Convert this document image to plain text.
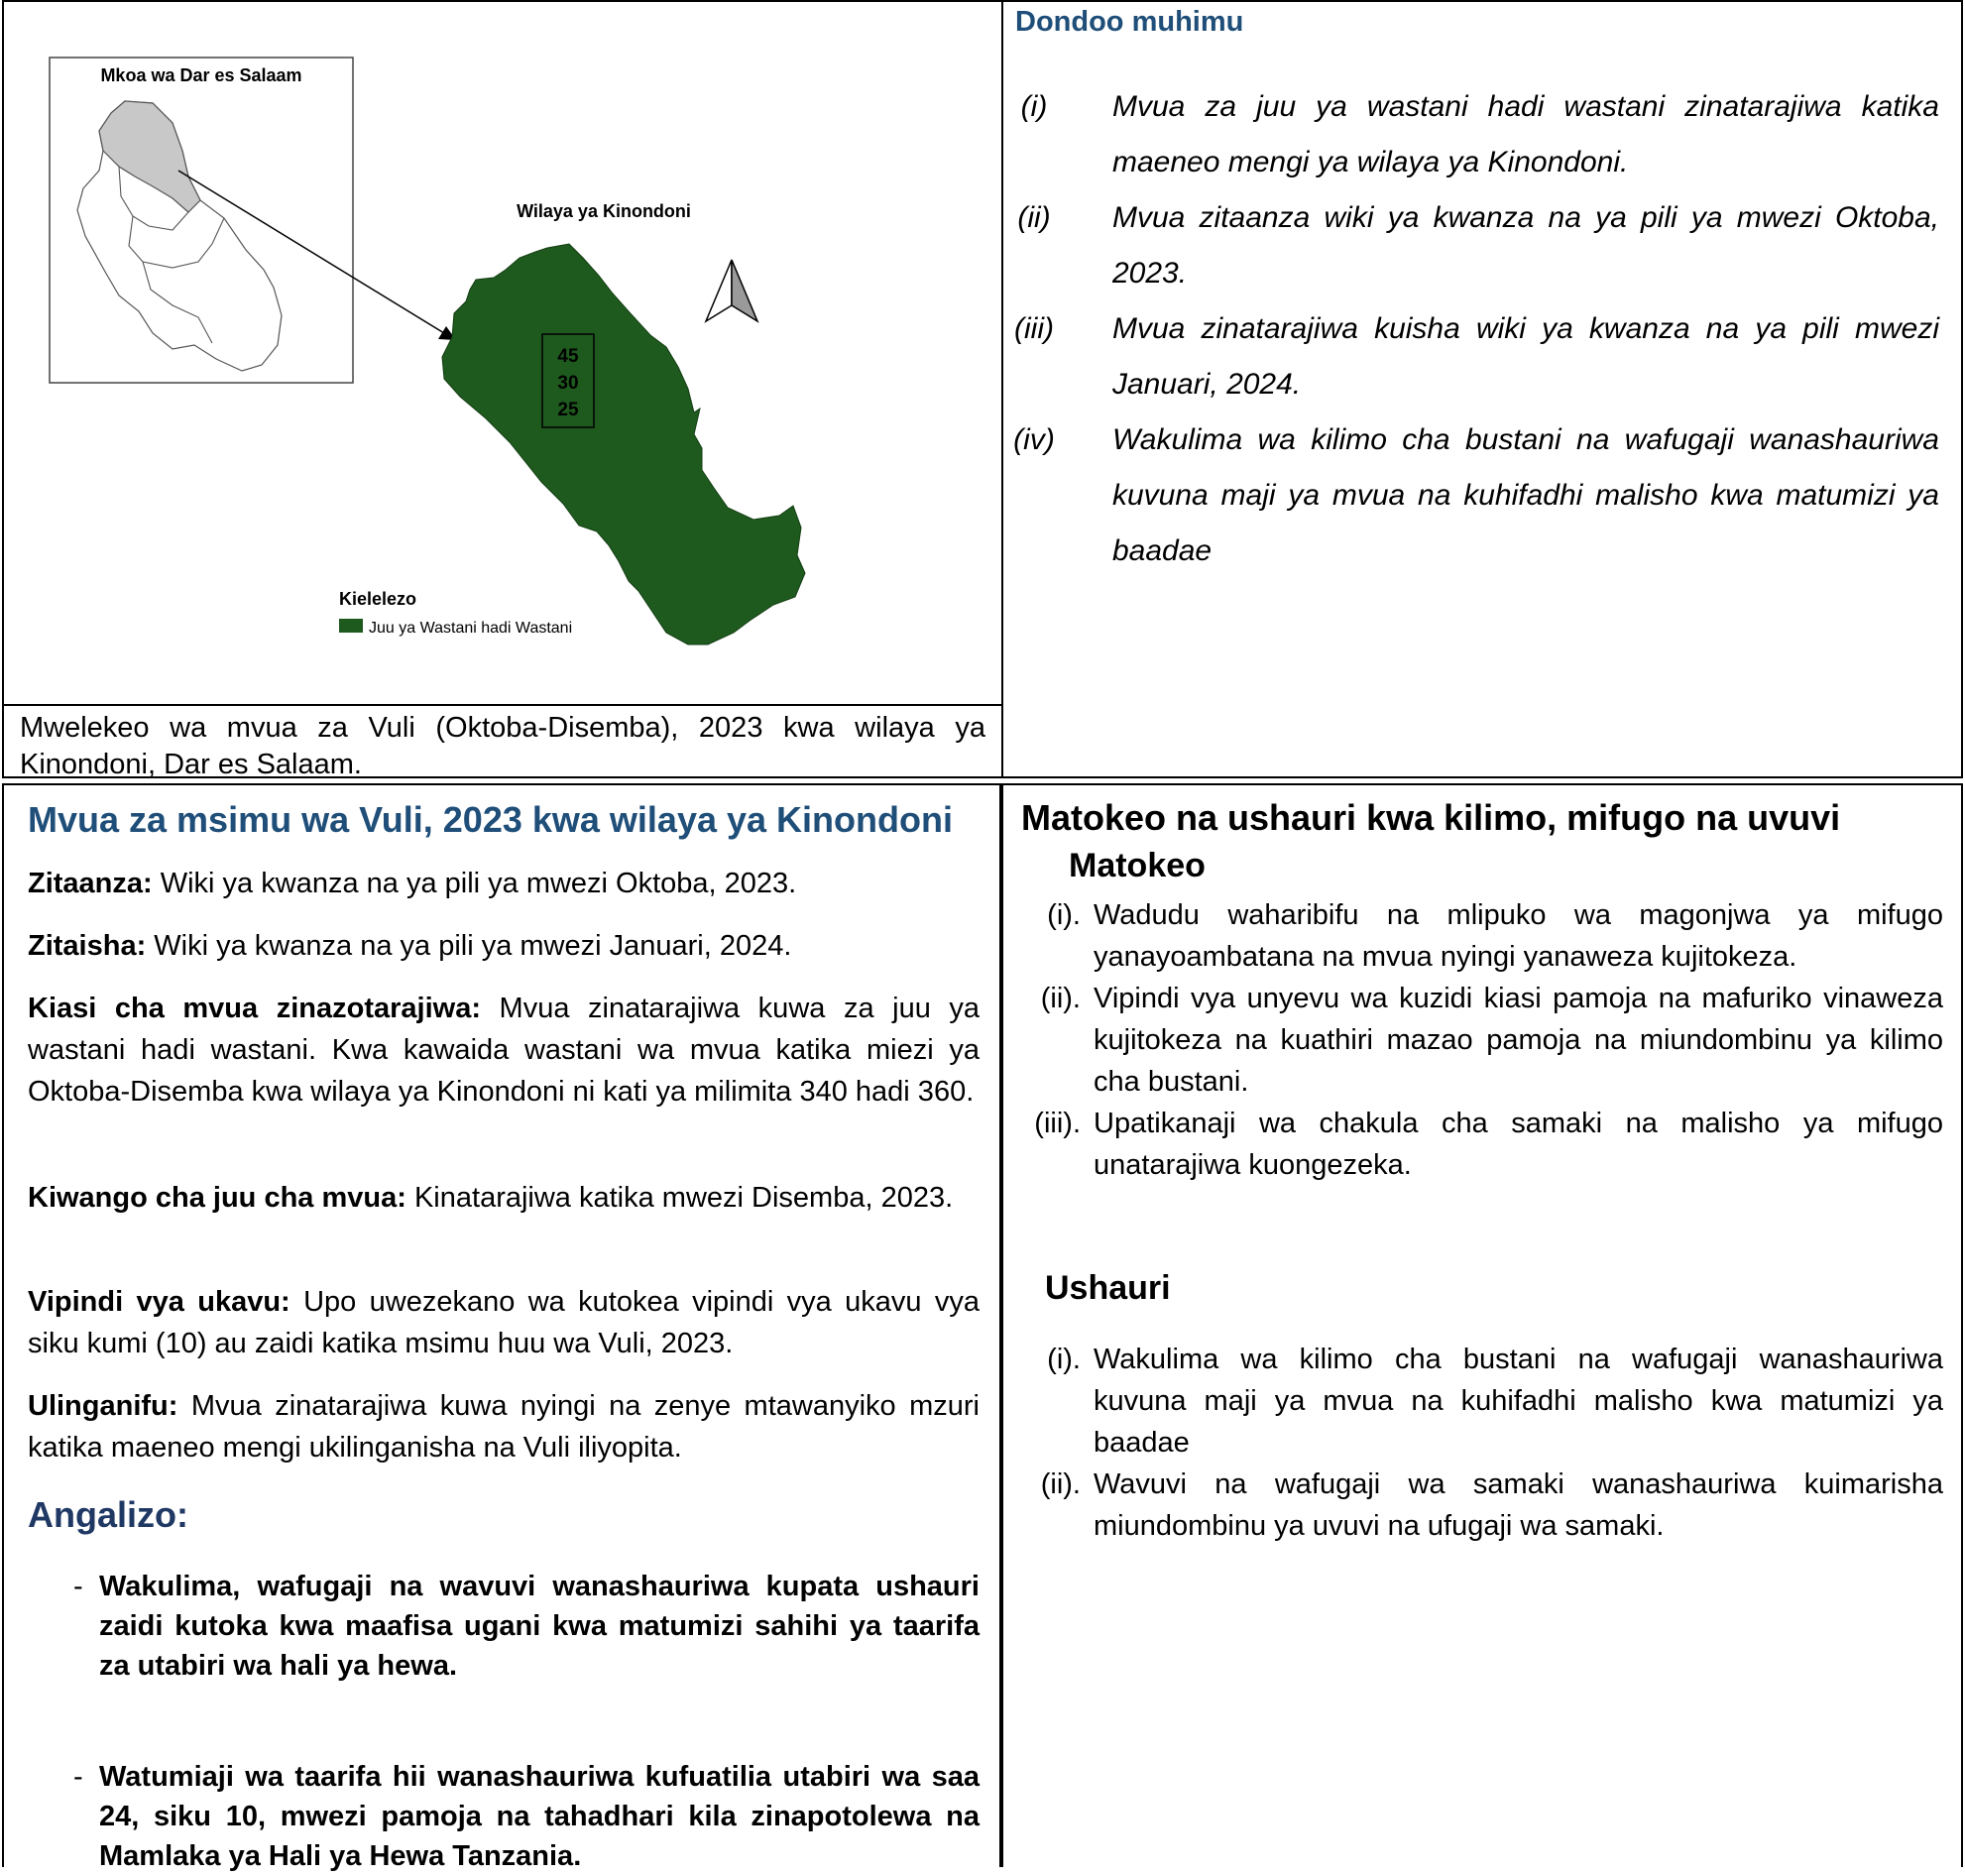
Mkoa wa Dar es Salaam
Wilaya ya Kinondoni
45
30
25
Kielelezo
Juu ya Wastani hadi Wastani
Mwelekeo wa mvua za Vuli (Oktoba-Disemba), 2023 kwa wilaya ya Kinondoni, Dar es Salaam.
Dondoo muhimu
(i)	Mvua za juu ya wastani hadi wastani zinatarajiwa katika maeneo mengi ya wilaya ya Kinondoni.
(ii)	Mvua zitaanza wiki ya kwanza na ya pili ya mwezi Oktoba, 2023.
(iii)	Mvua zinatarajiwa kuisha wiki ya kwanza na ya pili mwezi Januari, 2024.
(iv)	Wakulima wa kilimo cha bustani na wafugaji wanashauriwa kuvuna maji ya mvua na kuhifadhi malisho kwa matumizi ya baadae
Mvua za msimu wa Vuli, 2023 kwa wilaya ya Kinondoni
Zitaanza: Wiki ya kwanza na ya pili ya mwezi Oktoba, 2023.
Zitaisha: Wiki ya kwanza na ya pili ya mwezi Januari, 2024.
Kiasi cha mvua zinazotarajiwa: Mvua zinatarajiwa kuwa za juu ya wastani hadi wastani. Kwa kawaida wastani wa mvua katika miezi ya Oktoba-Disemba kwa wilaya ya Kinondoni ni kati ya milimita 340 hadi 360.
Kiwango cha juu cha mvua: Kinatarajiwa katika mwezi Disemba, 2023.
Vipindi vya ukavu: Upo uwezekano wa kutokea vipindi vya ukavu vya siku kumi (10) au zaidi katika msimu huu wa Vuli, 2023.
Ulinganifu: Mvua zinatarajiwa kuwa nyingi na zenye mtawanyiko mzuri katika maeneo mengi ukilinganisha na Vuli iliyopita.
Angalizo:
- Wakulima, wafugaji na wavuvi wanashauriwa kupata ushauri zaidi kutoka kwa maafisa ugani kwa matumizi sahihi ya taarifa za utabiri wa hali ya hewa.
- Watumiaji wa taarifa hii wanashauriwa kufuatilia utabiri wa saa 24, siku 10, mwezi pamoja na tahadhari kila zinapotolewa na Mamlaka ya Hali ya Hewa Tanzania.
Matokeo na ushauri kwa kilimo, mifugo na uvuvi
Matokeo
(i). Wadudu waharibifu na mlipuko wa magonjwa ya mifugo yanayoambatana na mvua nyingi yanaweza kujitokeza.
(ii). Vipindi vya unyevu wa kuzidi kiasi pamoja na mafuriko vinaweza kujitokeza na kuathiri mazao pamoja na miundombinu ya kilimo cha bustani.
(iii). Upatikanaji wa chakula cha samaki na malisho ya mifugo unatarajiwa kuongezeka.
Ushauri
(i). Wakulima wa kilimo cha bustani na wafugaji wanashauriwa kuvuna maji ya mvua na kuhifadhi malisho kwa matumizi ya baadae
(ii). Wavuvi na wafugaji wa samaki wanashauriwa kuimarisha miundombinu ya uvuvi na ufugaji wa samaki.
